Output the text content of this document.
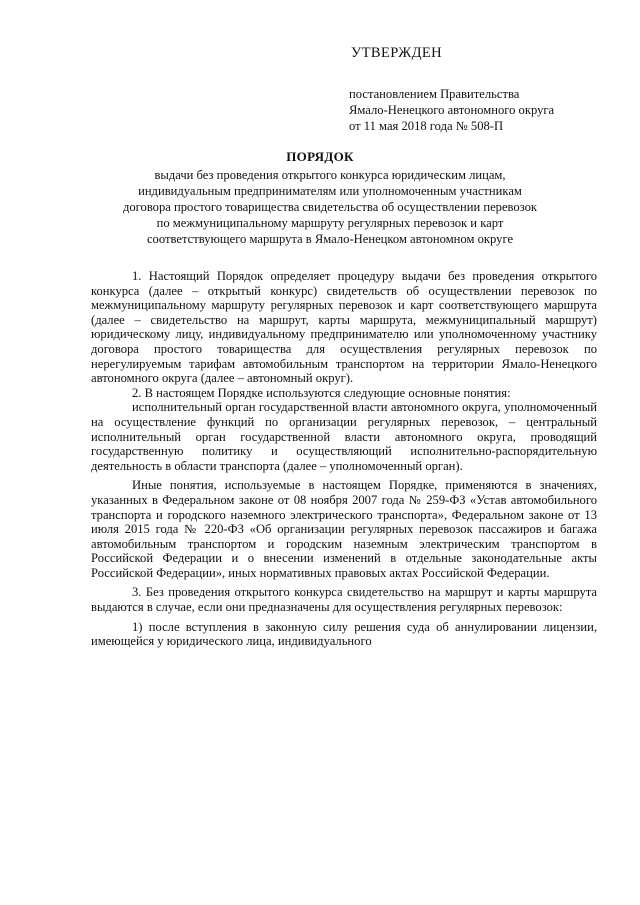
УТВЕРЖДЕН
постановлением Правительства
Ямало-Ненецкого автономного округа
от 11 мая 2018 года № 508-П
ПОРЯДОК
выдачи без проведения открытого конкурса юридическим лицам,
индивидуальным предпринимателям или уполномоченным участникам
договора простого товарищества свидетельства об осуществлении перевозок
по межмуниципальному маршруту регулярных перевозок и карт
соответствующего маршрута в Ямало-Ненецком автономном округе

1. Настоящий Порядок определяет процедуру выдачи без проведения открытого конкурса (далее – открытый конкурс) свидетельств об осуществлении перевозок по межмуниципальному маршруту регулярных перевозок и карт соответствующего маршрута (далее – свидетельство на маршрут, карты маршрута, межмуниципальный маршрут) юридическому лицу, индивидуальному предпринимателю или уполномоченному участнику договора простого товарищества для осуществления регулярных перевозок по нерегулируемым тарифам автомобильным транспортом на территории Ямало-Ненецкого автономного округа (далее – автономный округ).

2. В настоящем Порядке используются следующие основные понятия:

исполнительный орган государственной власти автономного округа, уполномоченный на осуществление функций по организации регулярных перевозок, – центральный исполнительный орган государственной власти автономного округа, проводящий государственную политику и осуществляющий исполнительно-распорядительную деятельность в области транспорта (далее – уполномоченный орган).

Иные понятия, используемые в настоящем Порядке, применяются в значениях, указанных в Федеральном законе от 08 ноября 2007 года № 259-ФЗ «Устав автомобильного транспорта и городского наземного электрического транспорта», Федеральном законе от 13 июля 2015 года № 220-ФЗ «Об организации регулярных перевозок пассажиров и багажа автомобильным транспортом и городским наземным электрическим транспортом в Российской Федерации и о внесении изменений в отдельные законодательные акты Российской Федерации», иных нормативных правовых актах Российской Федерации.

3. Без проведения открытого конкурса свидетельство на маршрут и карты маршрута выдаются в случае, если они предназначены для осуществления регулярных перевозок:

1) после вступления в законную силу решения суда об аннулировании лицензии, имеющейся у юридического лица, индивидуального
